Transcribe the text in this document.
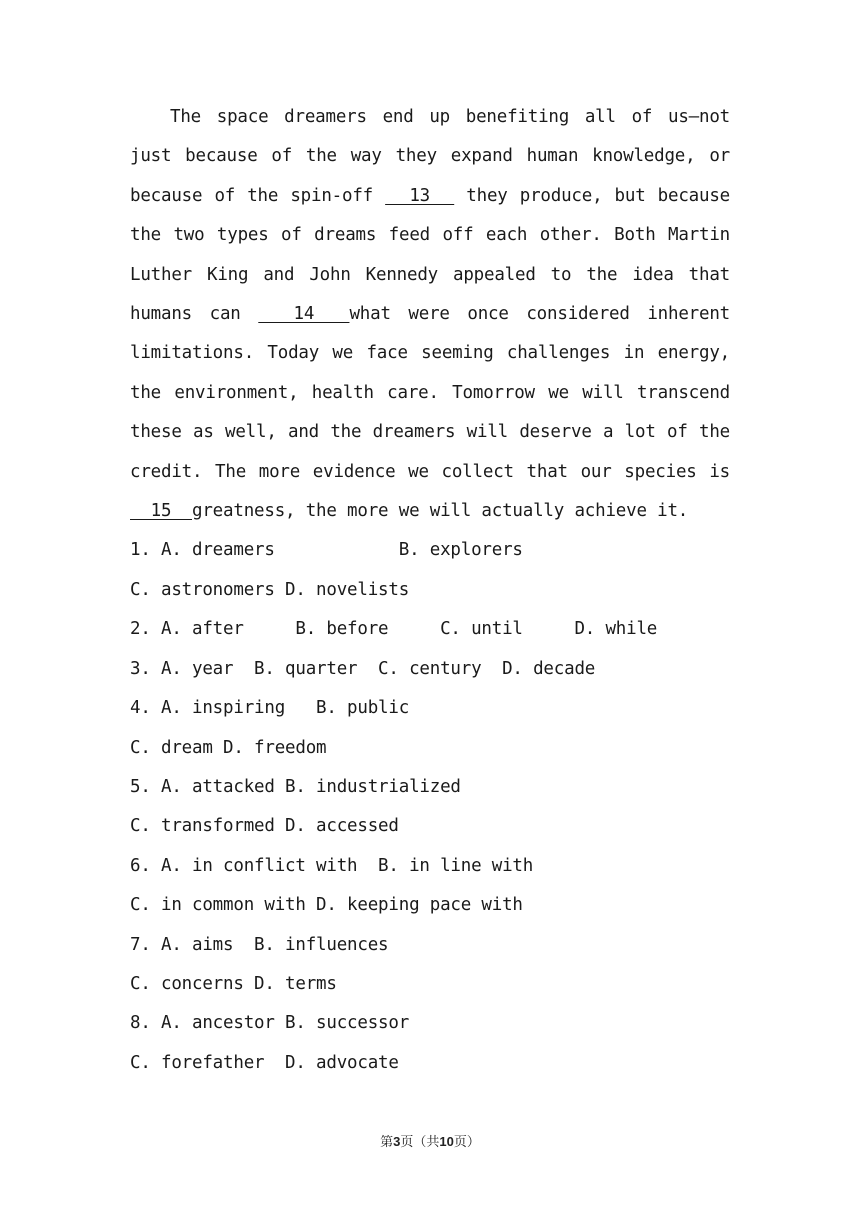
The space dreamers end up benefiting all of us—not just because of the way they expand human knowledge, or because of the spin-off   13   they produce, but because the two types of dreams feed off each other. Both Martin Luther King and John Kennedy appealed to the idea that humans can   14  what were once considered inherent limitations. Today we face seeming challenges in energy, the environment, health care. Tomorrow we will transcend these as well, and the dreamers will deserve a lot of the credit. The more evidence we collect that our species is   15  greatness, the more we will actually achieve it.

1. A. dreamers            B. explorers

C. astronomers D. novelists

2. A. after     B. before     C. until     D. while

3. A. year  B. quarter  C. century  D. decade

4. A. inspiring   B. public

C. dream D. freedom

5. A. attacked B. industrialized

C. transformed D. accessed

6. A. in conflict with  B. in line with

C. in common with D. keeping pace with

7. A. aims  B. influences

C. concerns D. terms

8. A. ancestor B. successor

C. forefather  D. advocate

第3页（共10页）
